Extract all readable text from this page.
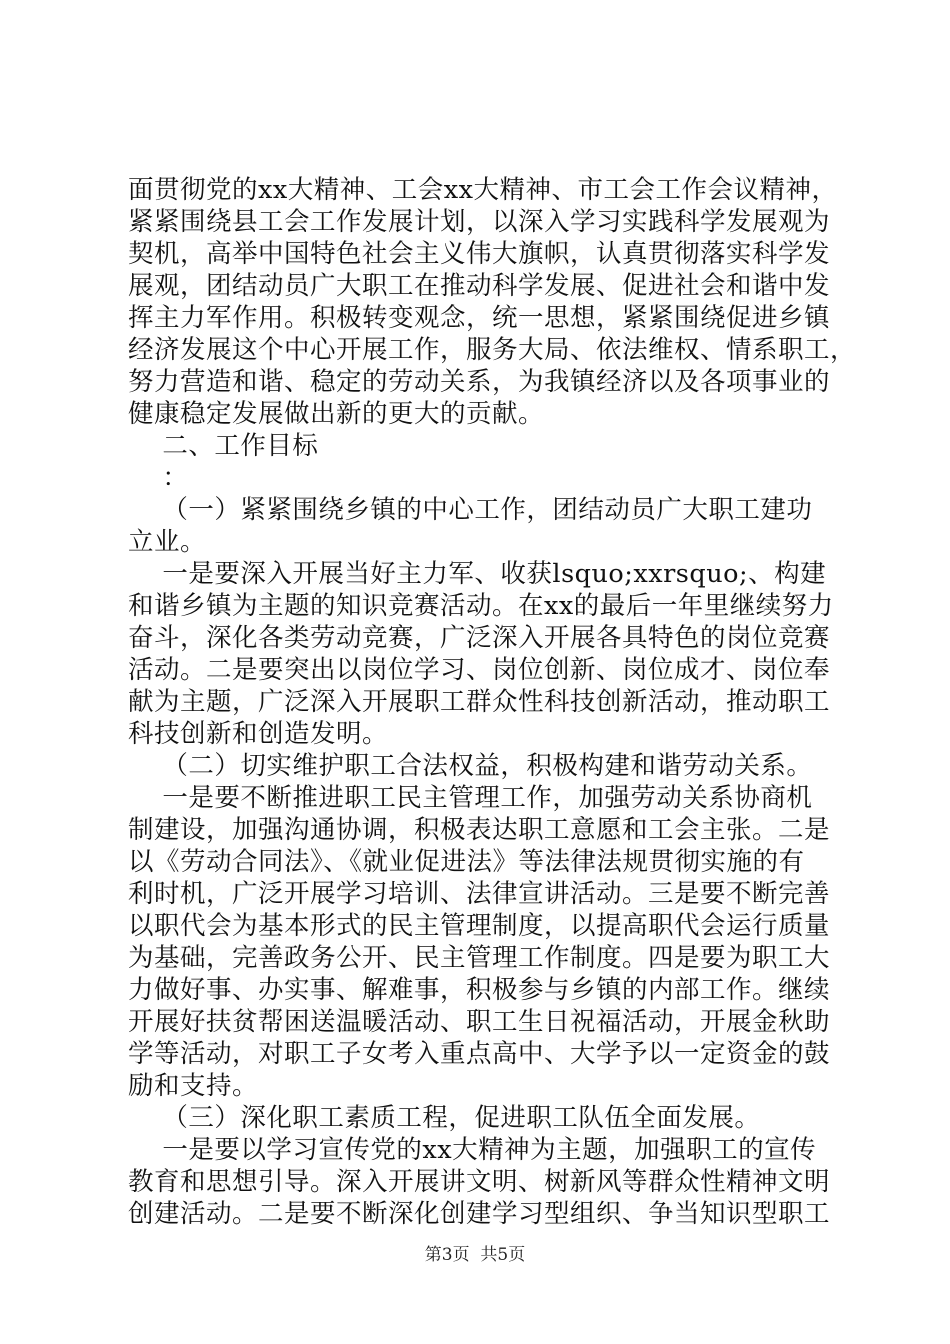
面贯彻党的xx大精神、工会xx大精神、市工会工作会议精神，
紧紧围绕县工会工作发展计划，以深入学习实践科学发展观为
契机，高举中国特色社会主义伟大旗帜，认真贯彻落实科学发
展观，团结动员广大职工在推动科学发展、促进社会和谐中发
挥主力军作用。积极转变观念，统一思想，紧紧围绕促进乡镇
经济发展这个中心开展工作，服务大局、依法维权、情系职工，
努力营造和谐、稳定的劳动关系，为我镇经济以及各项事业的
健康稳定发展做出新的更大的贡献。
二、工作目标
：
（一）紧紧围绕乡镇的中心工作，团结动员广大职工建功
立业。
一是要深入开展当好主力军、收获lsquo;xxrsquo;、构建
和谐乡镇为主题的知识竞赛活动。在xx的最后一年里继续努力
奋斗，深化各类劳动竞赛，广泛深入开展各具特色的岗位竞赛
活动。二是要突出以岗位学习、岗位创新、岗位成才、岗位奉
献为主题，广泛深入开展职工群众性科技创新活动，推动职工
科技创新和创造发明。
（二）切实维护职工合法权益，积极构建和谐劳动关系。
一是要不断推进职工民主管理工作，加强劳动关系协商机
制建设，加强沟通协调，积极表达职工意愿和工会主张。二是
以《劳动合同法》、《就业促进法》等法律法规贯彻实施的有
利时机，广泛开展学习培训、法律宣讲活动。三是要不断完善
以职代会为基本形式的民主管理制度，以提高职代会运行质量
为基础，完善政务公开、民主管理工作制度。四是要为职工大
力做好事、办实事、解难事，积极参与乡镇的内部工作。继续
开展好扶贫帮困送温暖活动、职工生日祝福活动，开展金秋助
学等活动，对职工子女考入重点高中、大学予以一定资金的鼓
励和支持。
（三）深化职工素质工程，促进职工队伍全面发展。
一是要以学习宣传党的xx大精神为主题，加强职工的宣传
教育和思想引导。深入开展讲文明、树新风等群众性精神文明
创建活动。二是要不断深化创建学习型组织、争当知识型职工
第3页  共5页
